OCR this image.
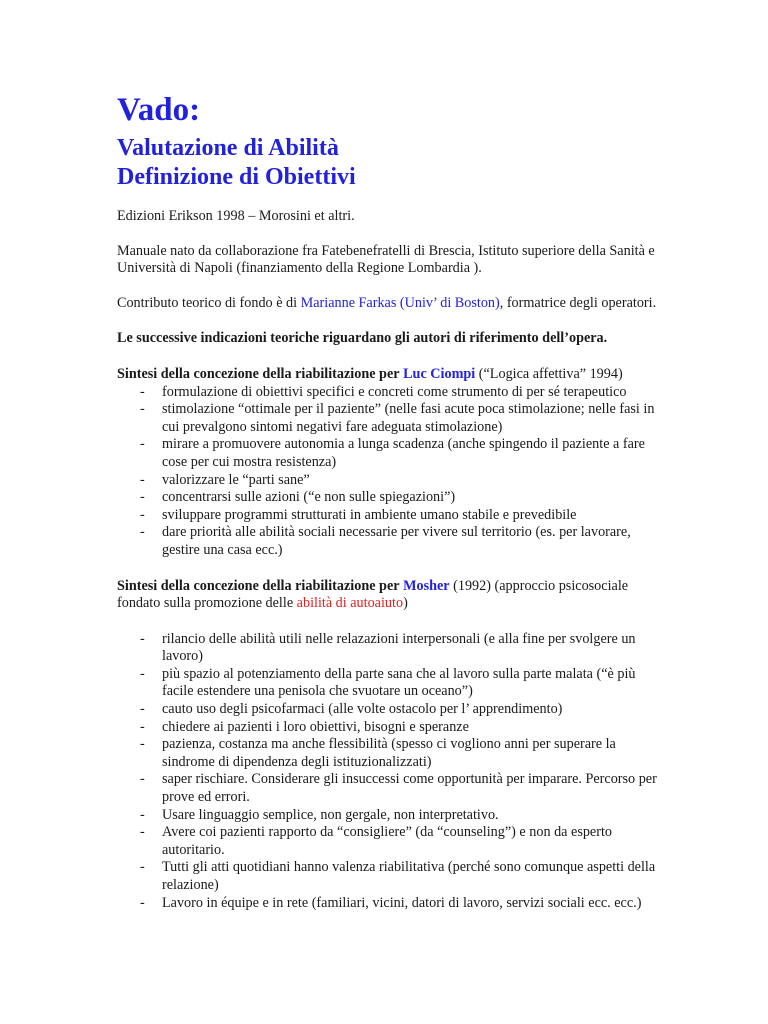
Vado:
Valutazione di Abilità
Definizione di Obiettivi

Edizioni Erikson 1998 – Morosini et altri.

Manuale nato da collaborazione fra Fatebenefratelli di Brescia, Istituto superiore della Sanità e Università di Napoli (finanziamento della Regione Lombardia ).

Contributo teorico di fondo è di Marianne Farkas (Univ’ di Boston), formatrice degli operatori.

Le successive indicazioni teoriche riguardano gli autori di riferimento dell’opera.

Sintesi della concezione della riabilitazione per Luc Ciompi (“Logica affettiva” 1994)

- formulazione di obiettivi specifici e concreti come strumento di per sé terapeutico
- stimolazione “ottimale per il paziente” (nelle fasi acute poca stimolazione; nelle fasi in cui prevalgono sintomi negativi fare adeguata stimolazione)
- mirare a promuovere autonomia a lunga scadenza (anche spingendo il paziente a fare cose per cui mostra resistenza)
- valorizzare le “parti sane”
- concentrarsi sulle azioni (“e non sulle spiegazioni”)
- sviluppare programmi strutturati in ambiente umano stabile e prevedibile
- dare priorità alle abilità sociali necessarie per vivere sul territorio (es. per lavorare, gestire una casa ecc.)

Sintesi della concezione della riabilitazione per Mosher (1992) (approccio psicosociale fondato sulla promozione delle abilità di autoaiuto)

- rilancio delle abilità utili nelle relazazioni interpersonali (e alla fine per svolgere un lavoro)
- più spazio al potenziamento della parte sana che al lavoro sulla parte malata (“è più facile estendere una penisola che svuotare un oceano”)
- cauto uso degli psicofarmaci (alle volte ostacolo per l’ apprendimento)
- chiedere ai pazienti i loro obiettivi, bisogni e speranze
- pazienza, costanza ma anche flessibilità (spesso ci vogliono anni per superare la sindrome di dipendenza degli istituzionalizzati)
- saper rischiare. Considerare gli insuccessi come opportunità per imparare. Percorso per prove ed errori.
- Usare linguaggio semplice, non gergale, non interpretativo.
- Avere coi pazienti rapporto da “consigliere” (da “counseling”) e non da esperto autoritario.
- Tutti gli atti quotidiani hanno valenza riabilitativa (perché sono comunque aspetti della relazione)
- Lavoro in équipe e in rete (familiari, vicini, datori di lavoro, servizi sociali ecc. ecc.)
